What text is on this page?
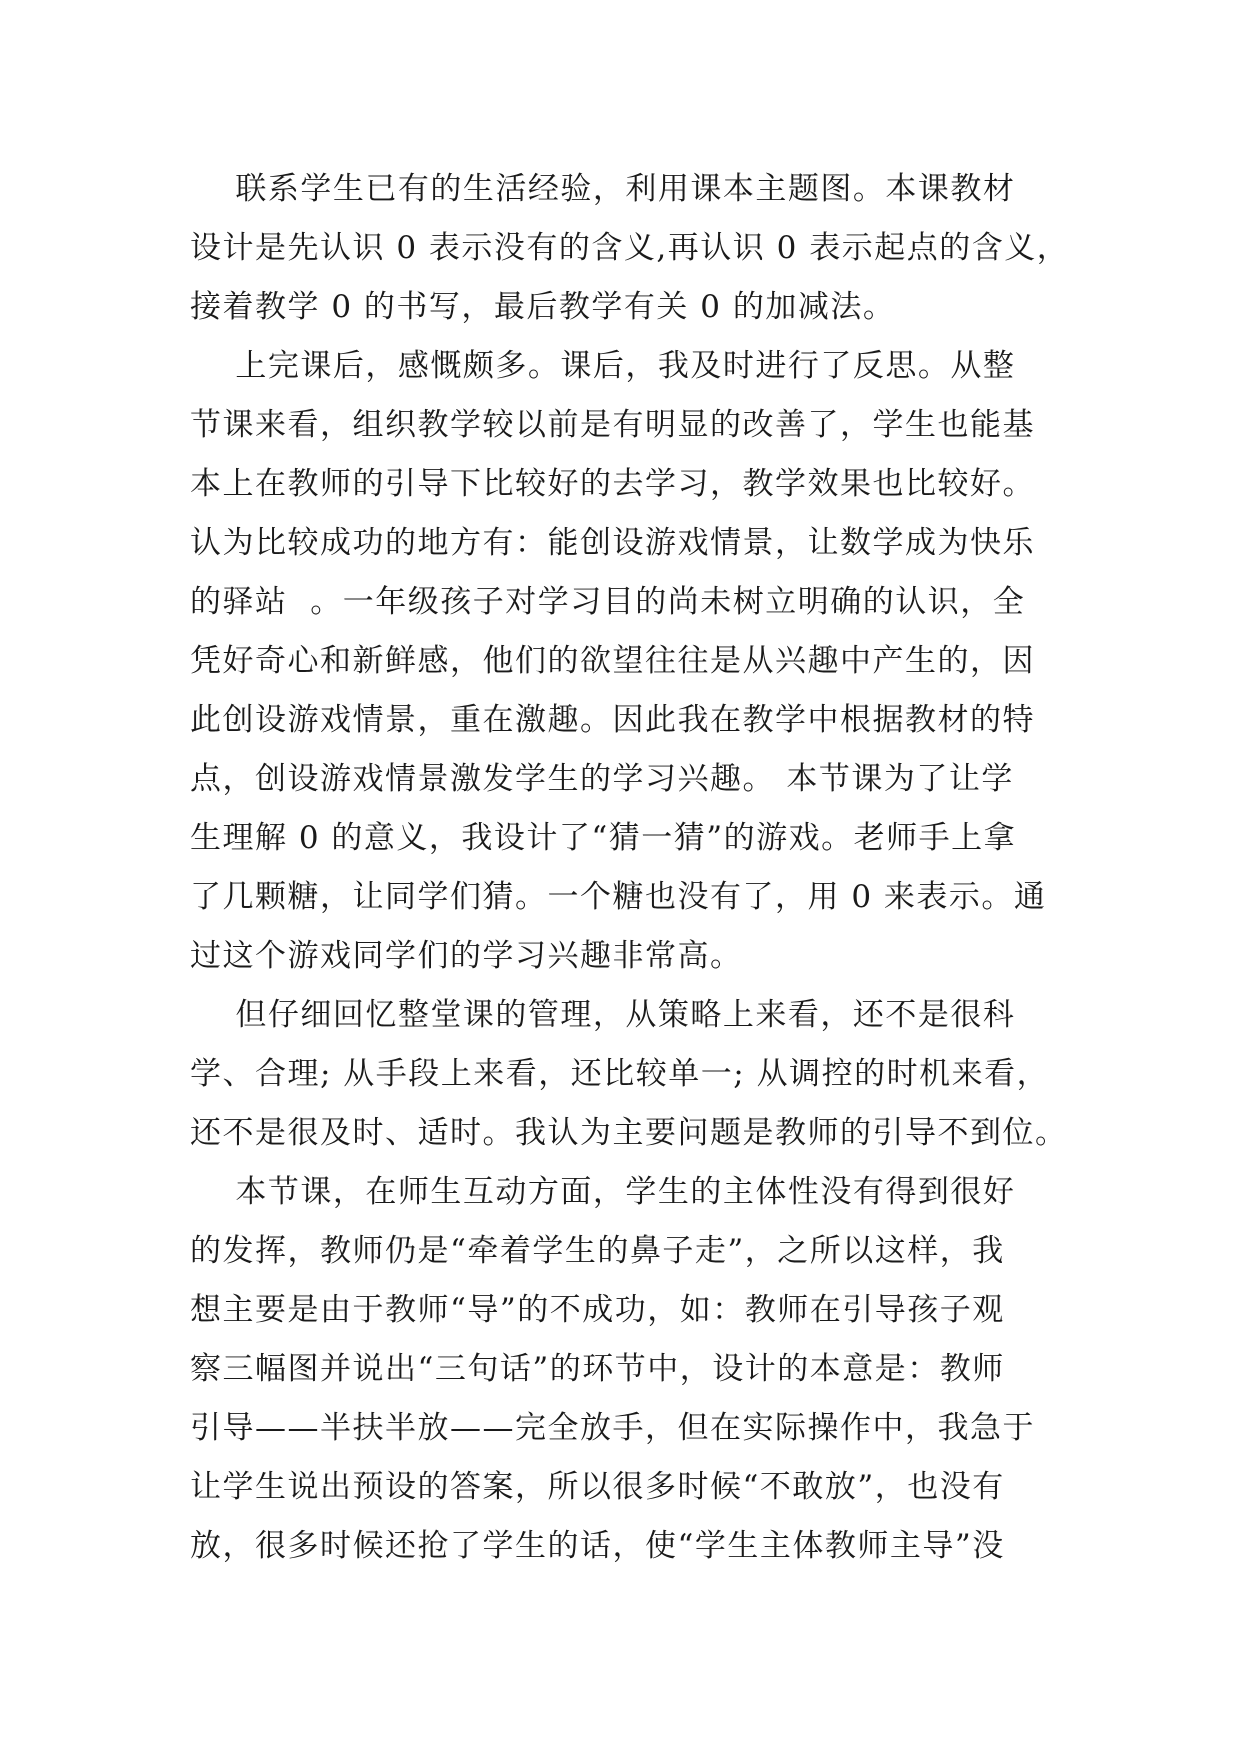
联系学生已有的生活经验，利用课本主题图。本课教材
设计是先认识 0 表示没有的含义,再认识 0 表示起点的含义，
接着教学 0 的书写，最后教学有关 0 的加减法。
上完课后，感慨颇多。课后，我及时进行了反思。从整
节课来看，组织教学较以前是有明显的改善了，学生也能基
本上在教师的引导下比较好的去学习，教学效果也比较好。
认为比较成功的地方有：能创设游戏情景，让数学成为快乐
的驿站  。一年级孩子对学习目的尚未树立明确的认识，全
凭好奇心和新鲜感，他们的欲望往往是从兴趣中产生的，因
此创设游戏情景，重在激趣。因此我在教学中根据教材的特
点，创设游戏情景激发学生的学习兴趣。 本节课为了让学
生理解 0 的意义，我设计了“猜一猜”的游戏。老师手上拿
了几颗糖，让同学们猜。一个糖也没有了，用 0 来表示。通
过这个游戏同学们的学习兴趣非常高。
但仔细回忆整堂课的管理，从策略上来看，还不是很科
学、合理; 从手段上来看，还比较单一; 从调控的时机来看，
还不是很及时、适时。我认为主要问题是教师的引导不到位。
本节课，在师生互动方面，学生的主体性没有得到很好
的发挥，教师仍是“牵着学生的鼻子走”，之所以这样，我
想主要是由于教师“导”的不成功，如：教师在引导孩子观
察三幅图并说出“三句话”的环节中，设计的本意是：教师
引导——半扶半放——完全放手，但在实际操作中，我急于
让学生说出预设的答案，所以很多时候“不敢放”，也没有
放，很多时候还抢了学生的话，使“学生主体教师主导”没
